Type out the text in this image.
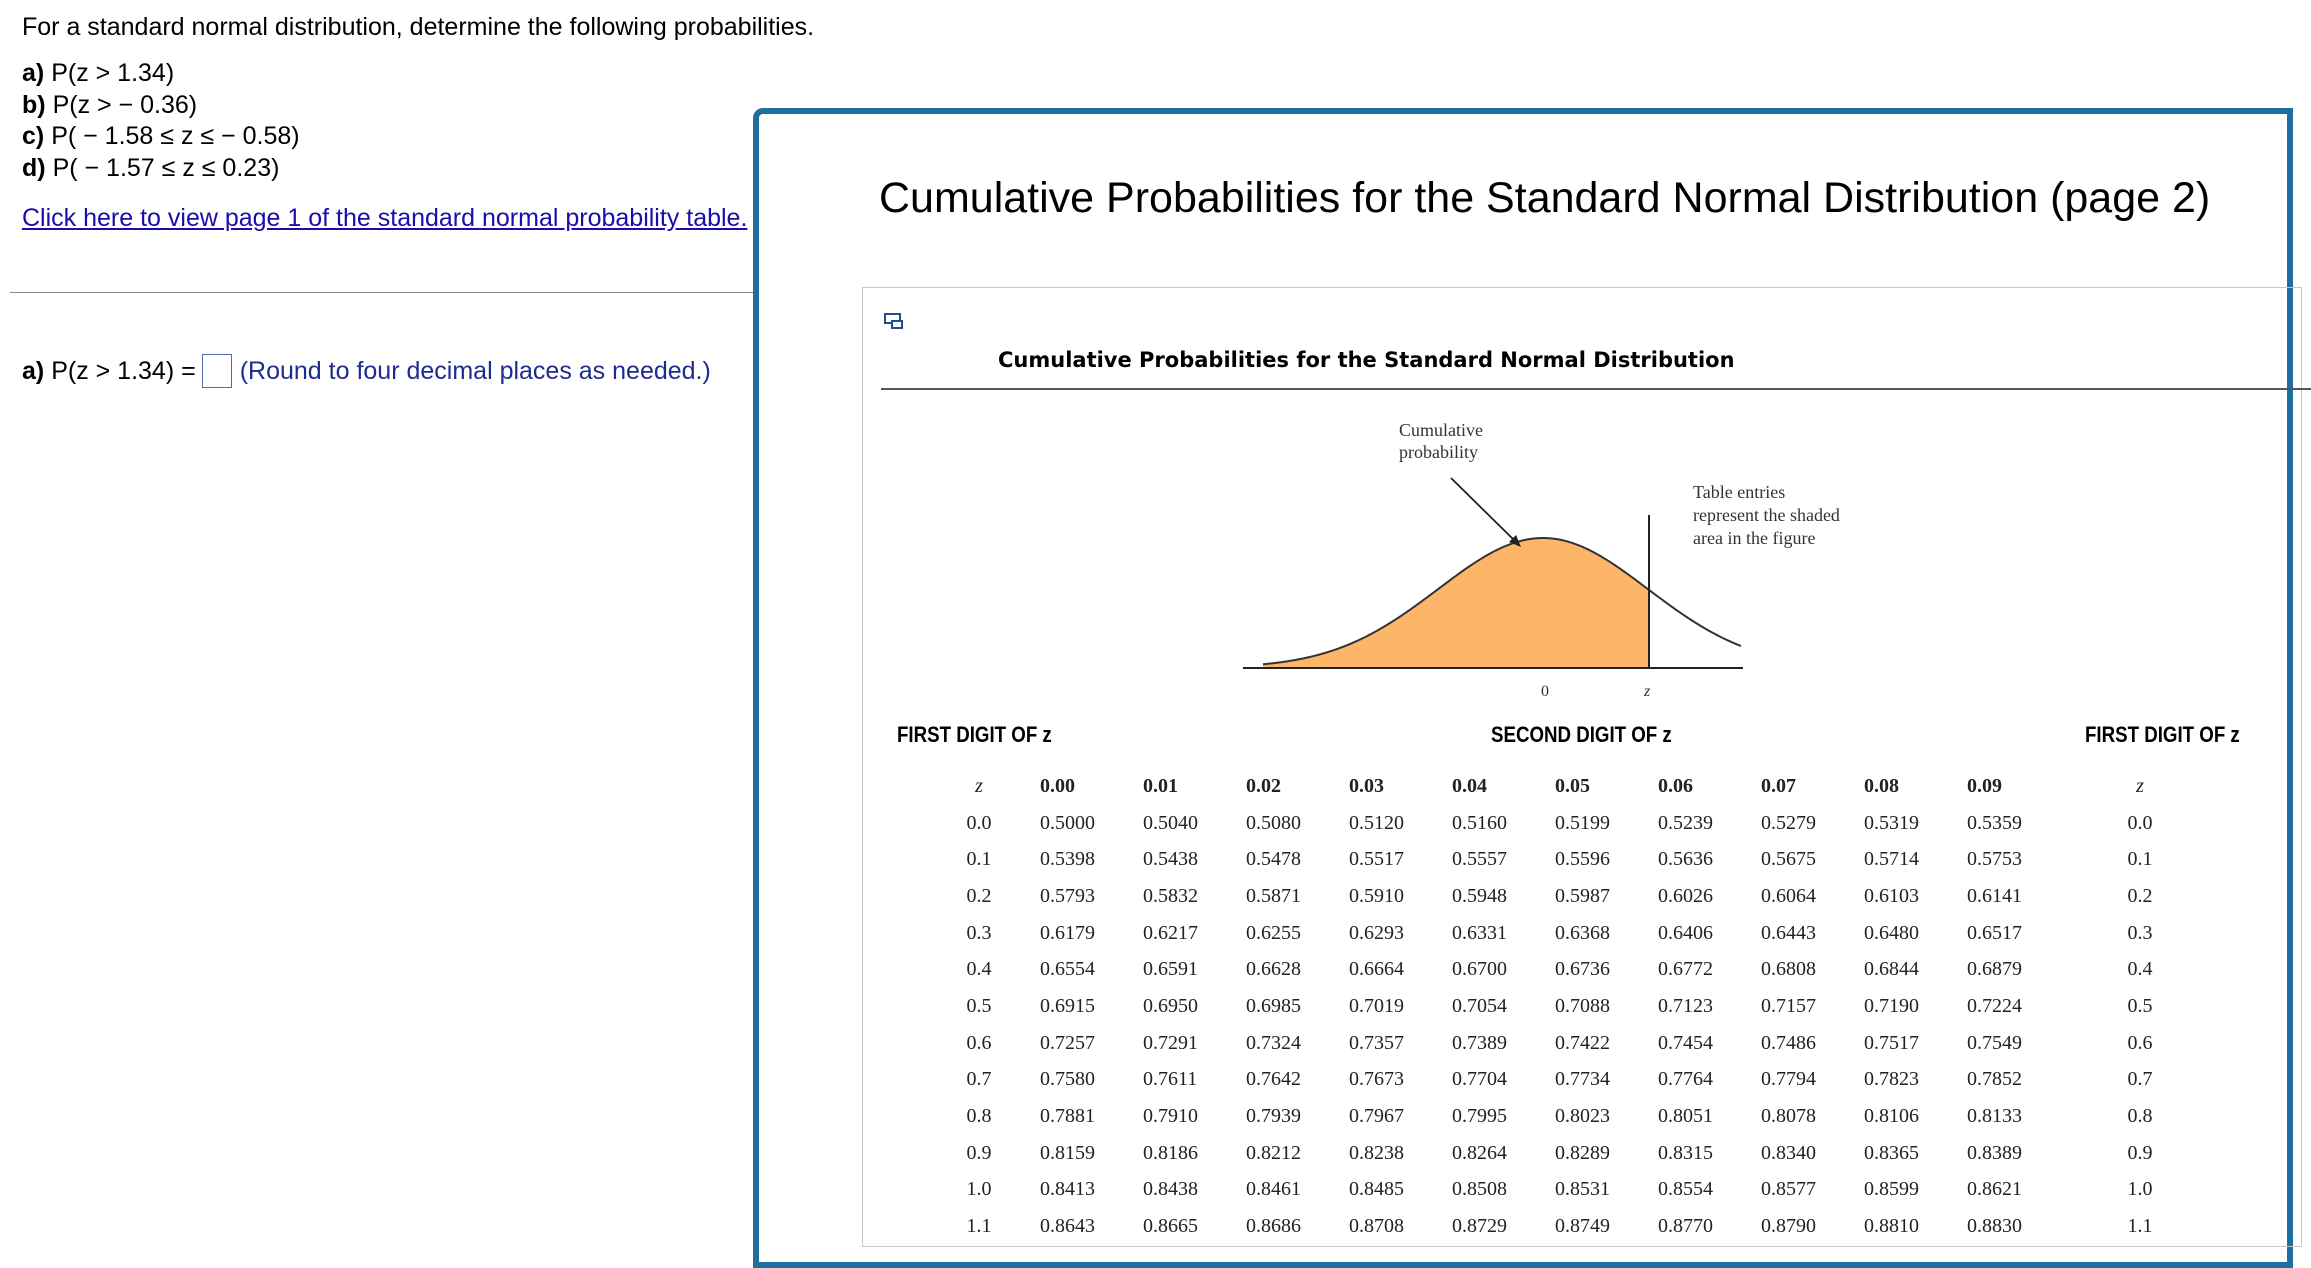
For a standard normal distribution, determine the following probabilities.
a) P(z > 1.34)
b) P(z > − 0.36)
c) P( − 1.58 ≤ z ≤ − 0.58)
d) P( − 1.57 ≤ z ≤ 0.23)
Click here to view page 1 of the standard normal probability table.
a)
P(z > 1.34) = (Round to four decimal places as needed.)
Cumulative Probabilities for the Standard Normal Distribution (page 2)
Cumulative Probabilities for the Standard Normal Distribution
Cumulative
probability
Table entries
represent the shaded
area in the figure
0	z
FIRST DIGIT OF z	SECOND DIGIT OF z	FIRST DIGIT OF z
z	0.00	0.01	0.02	0.03	0.04	0.05	0.06	0.07	0.08	0.09	z
0.0	0.5000	0.5040	0.5080	0.5120	0.5160	0.5199	0.5239	0.5279	0.5319	0.5359	0.0
0.1	0.5398	0.5438	0.5478	0.5517	0.5557	0.5596	0.5636	0.5675	0.5714	0.5753	0.1
0.2	0.5793	0.5832	0.5871	0.5910	0.5948	0.5987	0.6026	0.6064	0.6103	0.6141	0.2
0.3	0.6179	0.6217	0.6255	0.6293	0.6331	0.6368	0.6406	0.6443	0.6480	0.6517	0.3
0.4	0.6554	0.6591	0.6628	0.6664	0.6700	0.6736	0.6772	0.6808	0.6844	0.6879	0.4
0.5	0.6915	0.6950	0.6985	0.7019	0.7054	0.7088	0.7123	0.7157	0.7190	0.7224	0.5
0.6	0.7257	0.7291	0.7324	0.7357	0.7389	0.7422	0.7454	0.7486	0.7517	0.7549	0.6
0.7	0.7580	0.7611	0.7642	0.7673	0.7704	0.7734	0.7764	0.7794	0.7823	0.7852	0.7
0.8	0.7881	0.7910	0.7939	0.7967	0.7995	0.8023	0.8051	0.8078	0.8106	0.8133	0.8
0.9	0.8159	0.8186	0.8212	0.8238	0.8264	0.8289	0.8315	0.8340	0.8365	0.8389	0.9
1.0	0.8413	0.8438	0.8461	0.8485	0.8508	0.8531	0.8554	0.8577	0.8599	0.8621	1.0
1.1	0.8643	0.8665	0.8686	0.8708	0.8729	0.8749	0.8770	0.8790	0.8810	0.8830	1.1
